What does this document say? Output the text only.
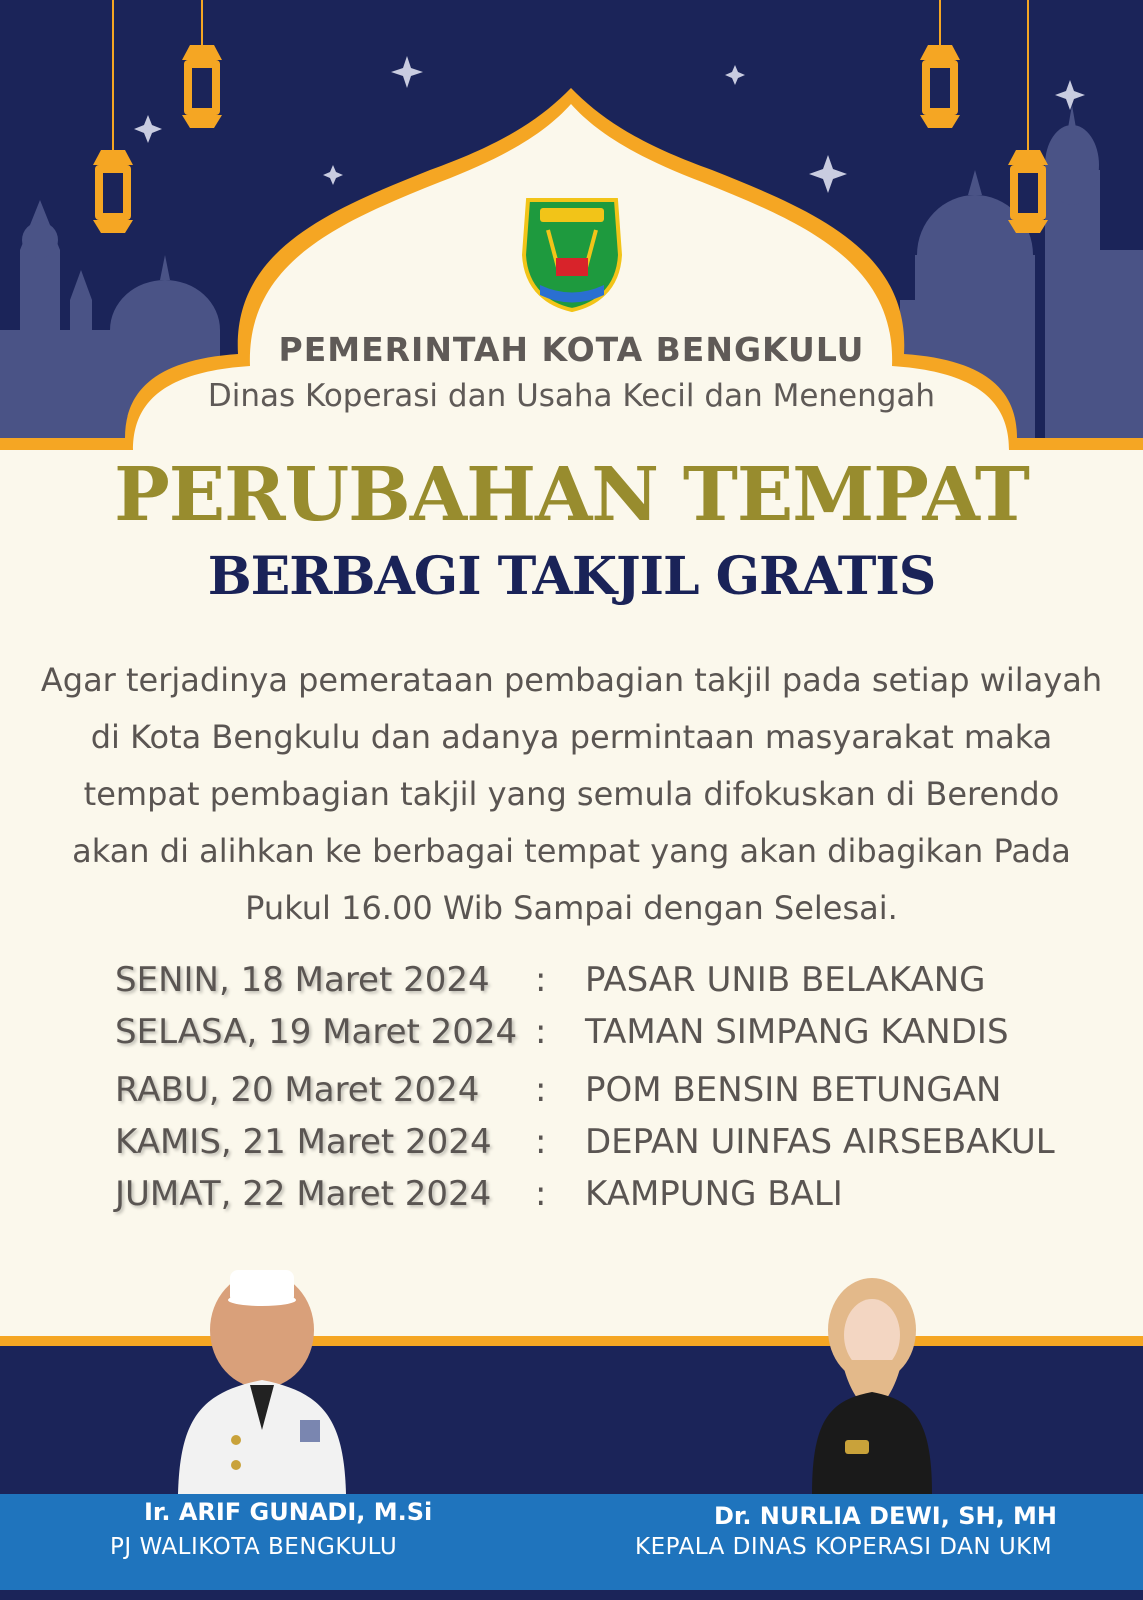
PEMERINTAH KOTA BENGKULU

Dinas Koperasi dan Usaha Kecil dan Menengah

PERUBAHAN TEMPAT
BERBAGI TAKJIL GRATIS

Agar terjadinya pemerataan pembagian takjil pada setiap wilayah di Kota Bengkulu dan adanya permintaan masyarakat maka tempat pembagian takjil yang semula difokuskan di Berendo akan di alihkan ke berbagai tempat yang akan dibagikan Pada Pukul 16.00 Wib Sampai dengan Selesai.

SENIN, 18 Maret 2024 : PASAR UNIB BELAKANG
SELASA, 19 Maret 2024 : TAMAN SIMPANG KANDIS
RABU, 20 Maret 2024 : POM BENSIN BETUNGAN
KAMIS, 21 Maret 2024 : DEPAN UINFAS AIRSEBAKUL
JUMAT, 22 Maret 2024 : KAMPUNG BALI
Ir. ARIF GUNADI, M.Si
PJ WALIKOTA BENGKULU
Dr. NURLIA DEWI, SH, MH
KEPALA DINAS KOPERASI DAN UKM
